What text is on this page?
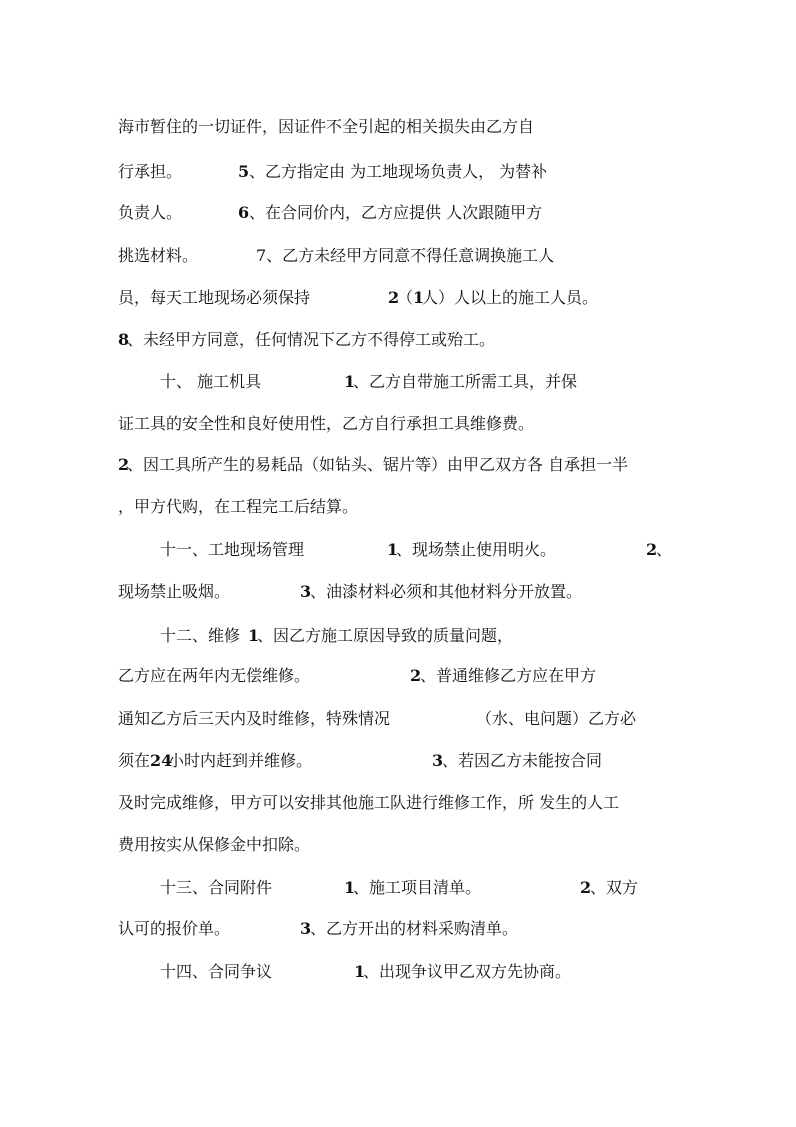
海市暂住的一切证件，因证件不全引起的相关损失由乙方自
行承担。	5 、乙方指定由 为工地现场负责人， 为替补
负责人。	6 、在合同价内，乙方应提供 人次跟随甲方
挑选材料。	7、乙方未经甲方同意不得任意调换施工人
员，每天工地现场必须保持	2
（ 1
人）人以上的施工人员。
8
、未经甲方同意，任何情况下乙方不得停工或殆工。
十、 施工机具	1
、乙方自带施工所需工具，并保
证工具的安全性和良好使用性，乙方自行承担工具维修费。
2
、因工具所产生的易耗品（如钻头、锯片等）由甲乙双方各 自承担一半
，甲方代购，在工程完工后结算。
十一、工地现场管理	1
、现场禁止使用明火。	2
、
现场禁止吸烟。	3
、油漆材料必须和其他材料分开放置。
十二、维修 1
、因乙方施工原因导致的质量问题，
乙方应在两年内无偿维修。	2
、普通维修乙方应在甲方
通知乙方后三天内及时维修，特殊情况	（水、电问题）乙方必
须在 24
小时内赶到并维修。	3
、若因乙方未能按合同
及时完成维修，甲方可以安排其他施工队进行维修工作，所 发生的人工
费用按实从保修金中扣除。
十三、合同附件	1
、施工项目清单。	2
、双方
认可的报价单。	3
、乙方开出的材料采购清单。
十四、合同争议	1
、出现争议甲乙双方先协商。
